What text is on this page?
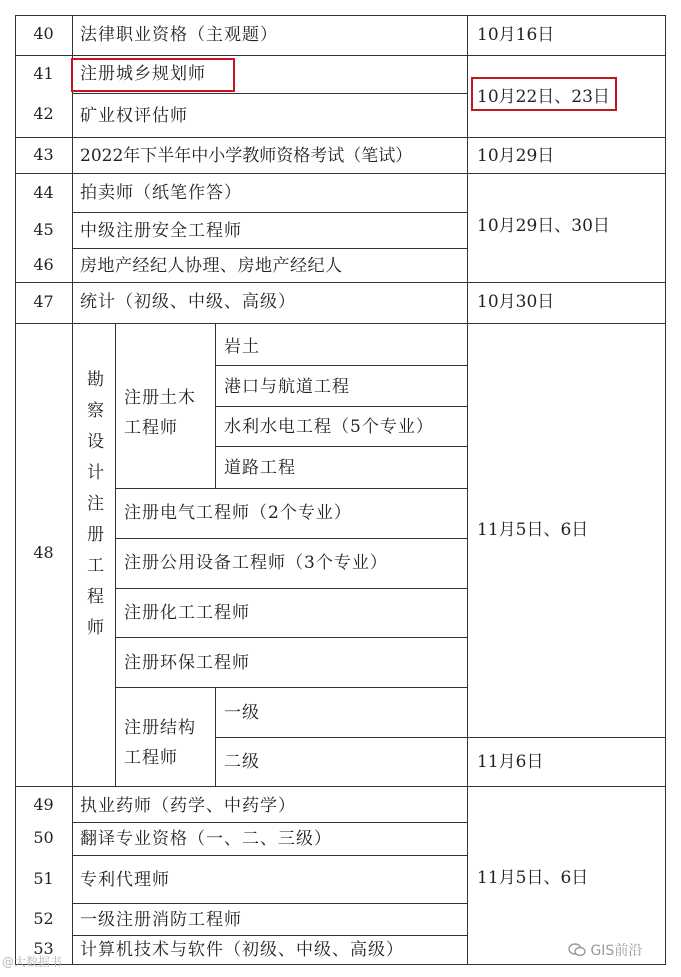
40
41
42
43
44
45
46
47
48
49
50
51
52
53
法律职业资格（主观题）
注册城乡规划师
矿业权评估师
2022年下半年中小学教师资格考试（笔试）
拍卖师（纸笔作答）
中级注册安全工程师
房地产经纪人协理、房地产经纪人
统计（初级、中级、高级）
勘察设计注册工程师 注册土木工程师
岩土
港口与航道工程
水利水电工程（5个专业）
道路工程
注册电气工程师（2个专业）
注册公用设备工程师（3个专业）
注册化工工程师
注册环保工程师
注册结构工程师
一级
二级
执业药师（药学、中药学）
翻译专业资格（一、二、三级）
专利代理师
一级注册消防工程师
计算机技术与软件（初级、中级、高级）
10月16日
10月22日、23日
10月29日
10月29日、30日
10月30日
11月5日、6日
11月6日
11月5日、6日
@大数据书
GIS前沿
